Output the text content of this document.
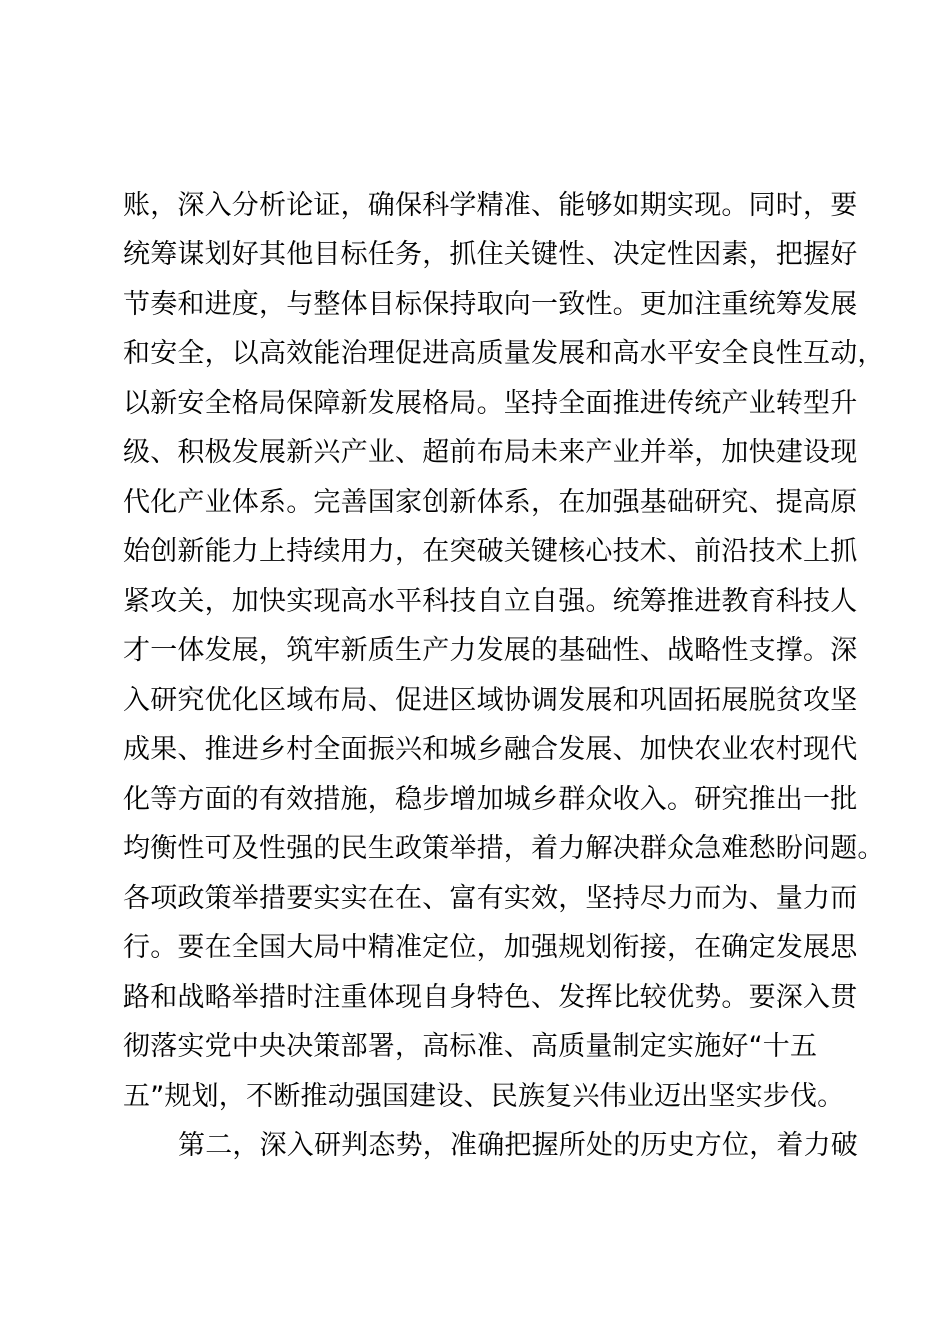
账，深入分析论证，确保科学精准、能够如期实现。同时，要
统筹谋划好其他目标任务，抓住关键性、决定性因素，把握好
节奏和进度，与整体目标保持取向一致性。更加注重统筹发展
和安全，以高效能治理促进高质量发展和高水平安全良性互动，
以新安全格局保障新发展格局。坚持全面推进传统产业转型升
级、积极发展新兴产业、超前布局未来产业并举，加快建设现
代化产业体系。完善国家创新体系，在加强基础研究、提高原
始创新能力上持续用力，在突破关键核心技术、前沿技术上抓
紧攻关，加快实现高水平科技自立自强。统筹推进教育科技人
才一体发展，筑牢新质生产力发展的基础性、战略性支撑。深
入研究优化区域布局、促进区域协调发展和巩固拓展脱贫攻坚
成果、推进乡村全面振兴和城乡融合发展、加快农业农村现代
化等方面的有效措施，稳步增加城乡群众收入。研究推出一批
均衡性可及性强的民生政策举措，着力解决群众急难愁盼问题。
各项政策举措要实实在在、富有实效，坚持尽力而为、量力而
行。要在全国大局中精准定位，加强规划衔接，在确定发展思
路和战略举措时注重体现自身特色、发挥比较优势。要深入贯
彻落实党中央决策部署，高标准、高质量制定实施好“十五
五”规划，不断推动强国建设、民族复兴伟业迈出坚实步伐。
第二，深入研判态势，准确把握所处的历史方位，着力破
